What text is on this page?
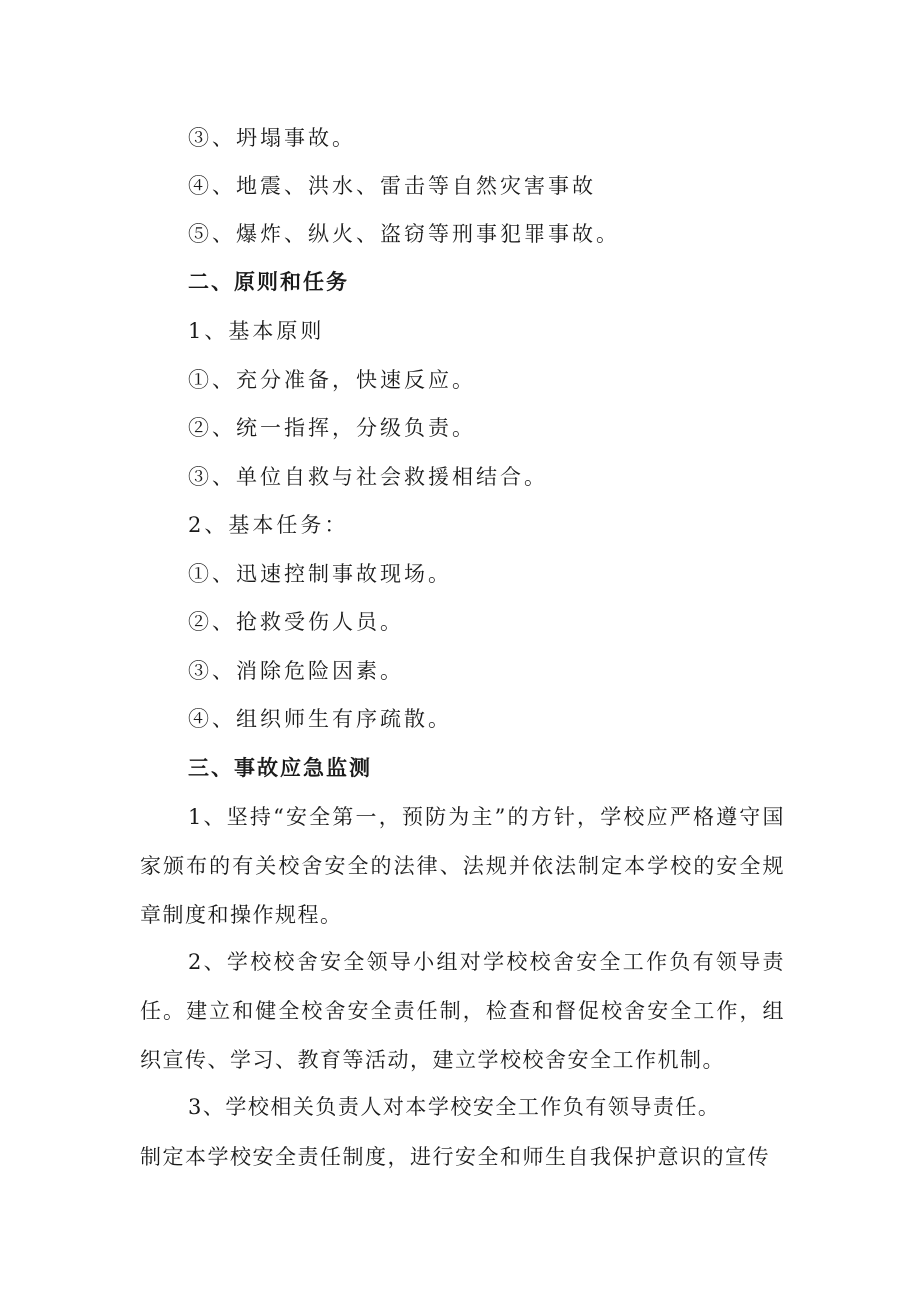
③、坍塌事故。
④、地震、洪水、雷击等自然灾害事故
⑤、爆炸、纵火、盗窃等刑事犯罪事故。
二、原则和任务
1、基本原则
①、充分准备，快速反应。
②、统一指挥，分级负责。
③、单位自救与社会救援相结合。
2、基本任务：
①、迅速控制事故现场。
②、抢救受伤人员。
③、消除危险因素。
④、组织师生有序疏散。
三、事故应急监测
1、坚持“安全第一，预防为主”的方针，学校应严格遵守国家颁布的有关校舍安全的法律、法规并依法制定本学校的安全规章制度和操作规程。
2、学校校舍安全领导小组对学校校舍安全工作负有领导责任。建立和健全校舍安全责任制，检查和督促校舍安全工作，组织宣传、学习、教育等活动，建立学校校舍安全工作机制。
3、学校相关负责人对本学校安全工作负有领导责任。
制定本学校安全责任制度，进行安全和师生自我保护意识的宣传
